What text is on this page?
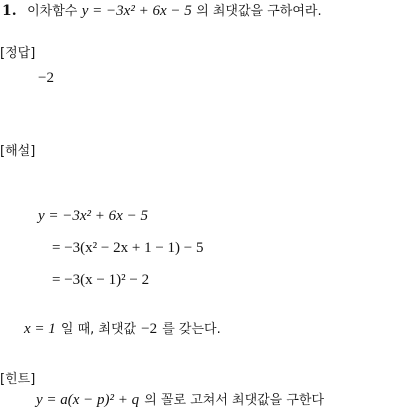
1. 이차함수 y = −3x² + 6x − 5 의 최댓값을 구하여라.
[정답]
−2
[해설]
y = −3x² + 6x − 5
= −3(x² − 2x + 1 − 1) − 5
= −3(x − 1)² − 2
x = 1 일 때, 최댓값 −2 를 갖는다.
[힌트]
y = a(x − p)² + q 의 꼴로 고쳐서 최댓값을 구한다
